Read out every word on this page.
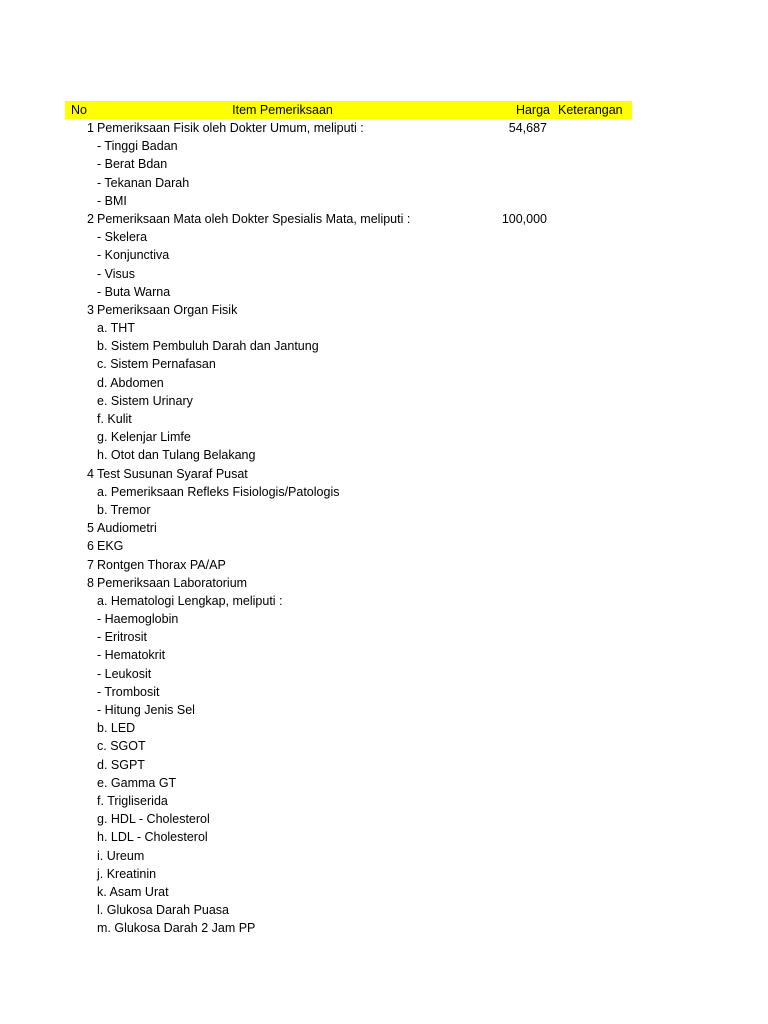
No	Item Pemeriksaan	Harga Keterangan
1 Pemeriksaan Fisik oleh Dokter Umum, meliputi :	54,687
- Tinggi Badan
- Berat Bdan
- Tekanan Darah
- BMI
2 Pemeriksaan Mata oleh Dokter Spesialis Mata, meliputi :	100,000
- Skelera
- Konjunctiva
- Visus
- Buta Warna
3 Pemeriksaan Organ Fisik
a. THT
b. Sistem Pembuluh Darah dan Jantung
c. Sistem Pernafasan
d. Abdomen
e. Sistem Urinary
f. Kulit
g. Kelenjar Limfe
h. Otot dan Tulang Belakang
4 Test Susunan Syaraf Pusat
a. Pemeriksaan Refleks Fisiologis/Patologis
b. Tremor
5 Audiometri
6 EKG
7 Rontgen Thorax PA/AP
8 Pemeriksaan Laboratorium
a. Hematologi Lengkap, meliputi :
- Haemoglobin
- Eritrosit
- Hematokrit
- Leukosit
- Trombosit
- Hitung Jenis Sel
b. LED
c. SGOT
d. SGPT
e. Gamma GT
f. Trigliserida
g. HDL - Cholesterol
h. LDL - Cholesterol
i. Ureum
j. Kreatinin
k. Asam Urat
l. Glukosa Darah Puasa
m. Glukosa Darah 2 Jam PP
